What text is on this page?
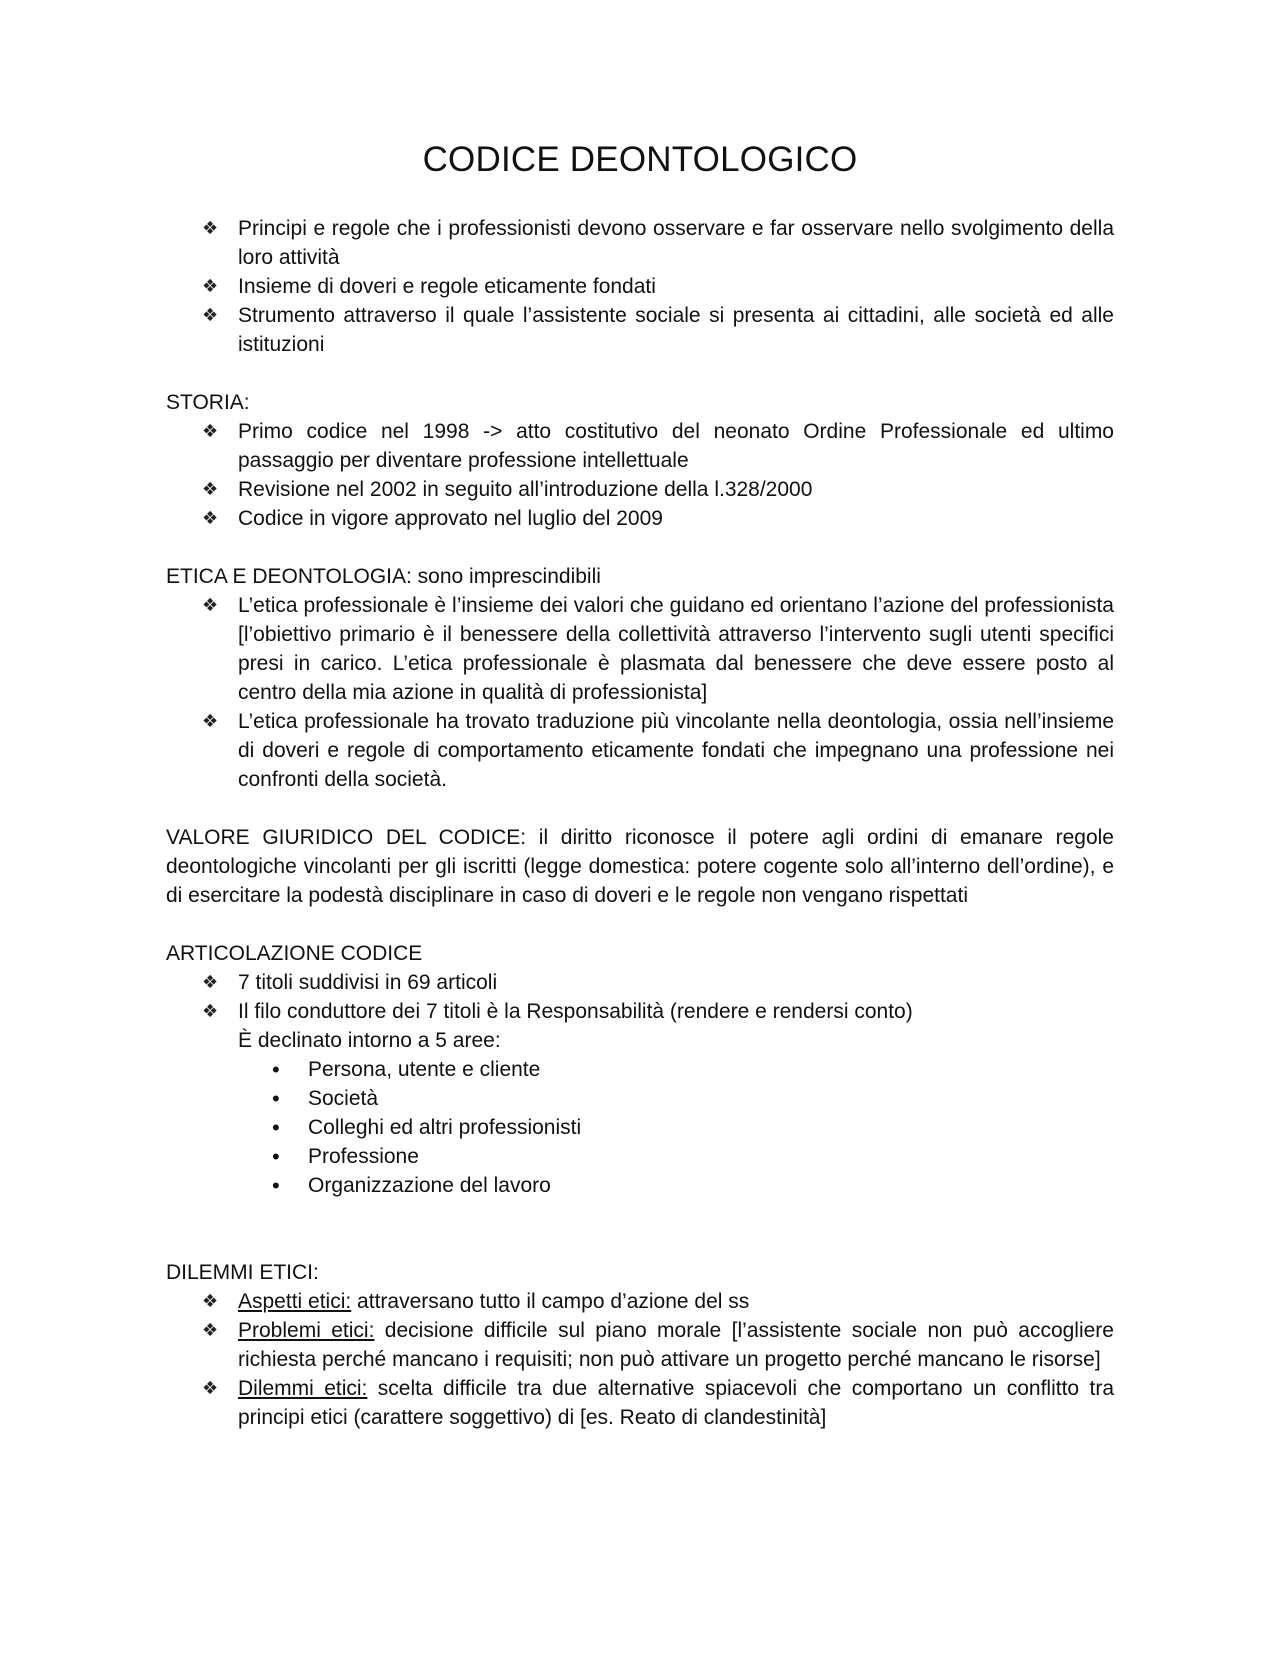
CODICE DEONTOLOGICO
❖ Principi e regole che i professionisti devono osservare e far osservare nello svolgimento della loro attività
❖ Insieme di doveri e regole eticamente fondati
❖ Strumento attraverso il quale l’assistente sociale si presenta ai cittadini, alle società ed alle istituzioni

STORIA:

❖ Primo codice nel 1998 -> atto costitutivo del neonato Ordine Professionale ed ultimo passaggio per diventare professione intellettuale
❖ Revisione nel 2002 in seguito all’introduzione della l.328/2000
❖ Codice in vigore approvato nel luglio del 2009

ETICA E DEONTOLOGIA: sono imprescindibili

❖ L’etica professionale è l’insieme dei valori che guidano ed orientano l’azione del professionista [l’obiettivo primario è il benessere della collettività attraverso l’intervento sugli utenti specifici presi in carico. L’etica professionale è plasmata dal benessere che deve essere posto al centro della mia azione in qualità di professionista]
❖ L’etica professionale ha trovato traduzione più vincolante nella deontologia, ossia nell’insieme di doveri e regole di comportamento eticamente fondati che impegnano una professione nei confronti della società.

VALORE GIURIDICO DEL CODICE: il diritto riconosce il potere agli ordini di emanare regole deontologiche vincolanti per gli iscritti (legge domestica: potere cogente solo all’interno dell’ordine), e di esercitare la podestà disciplinare in caso di doveri e le regole non vengano rispettati

ARTICOLAZIONE CODICE

❖ 7 titoli suddivisi in 69 articoli
❖ Il filo conduttore dei 7 titoli è la Responsabilità (rendere e rendersi conto)
È declinato intorno a 5 aree:
• Persona, utente e cliente
• Società
• Colleghi ed altri professionisti
• Professione
• Organizzazione del lavoro

DILEMMI ETICI:

❖ Aspetti etici: attraversano tutto il campo d’azione del ss
❖ Problemi etici: decisione difficile sul piano morale [l’assistente sociale non può accogliere richiesta perché mancano i requisiti; non può attivare un progetto perché mancano le risorse]
❖ Dilemmi etici: scelta difficile tra due alternative spiacevoli che comportano un conflitto tra principi etici (carattere soggettivo) di [es. Reato di clandestinità]
